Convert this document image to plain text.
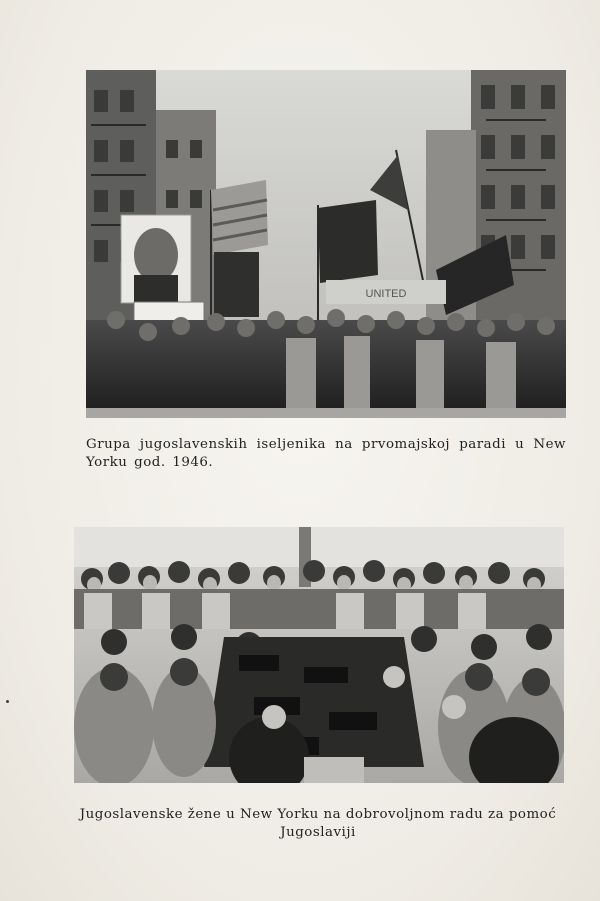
UNITED
Grupa jugoslavenskih iseljenika na prvomajskoj paradi u New Yorku god. 1946.
Jugoslavenske žene u New Yorku na dobrovoljnom radu za pomoć Jugoslaviji
